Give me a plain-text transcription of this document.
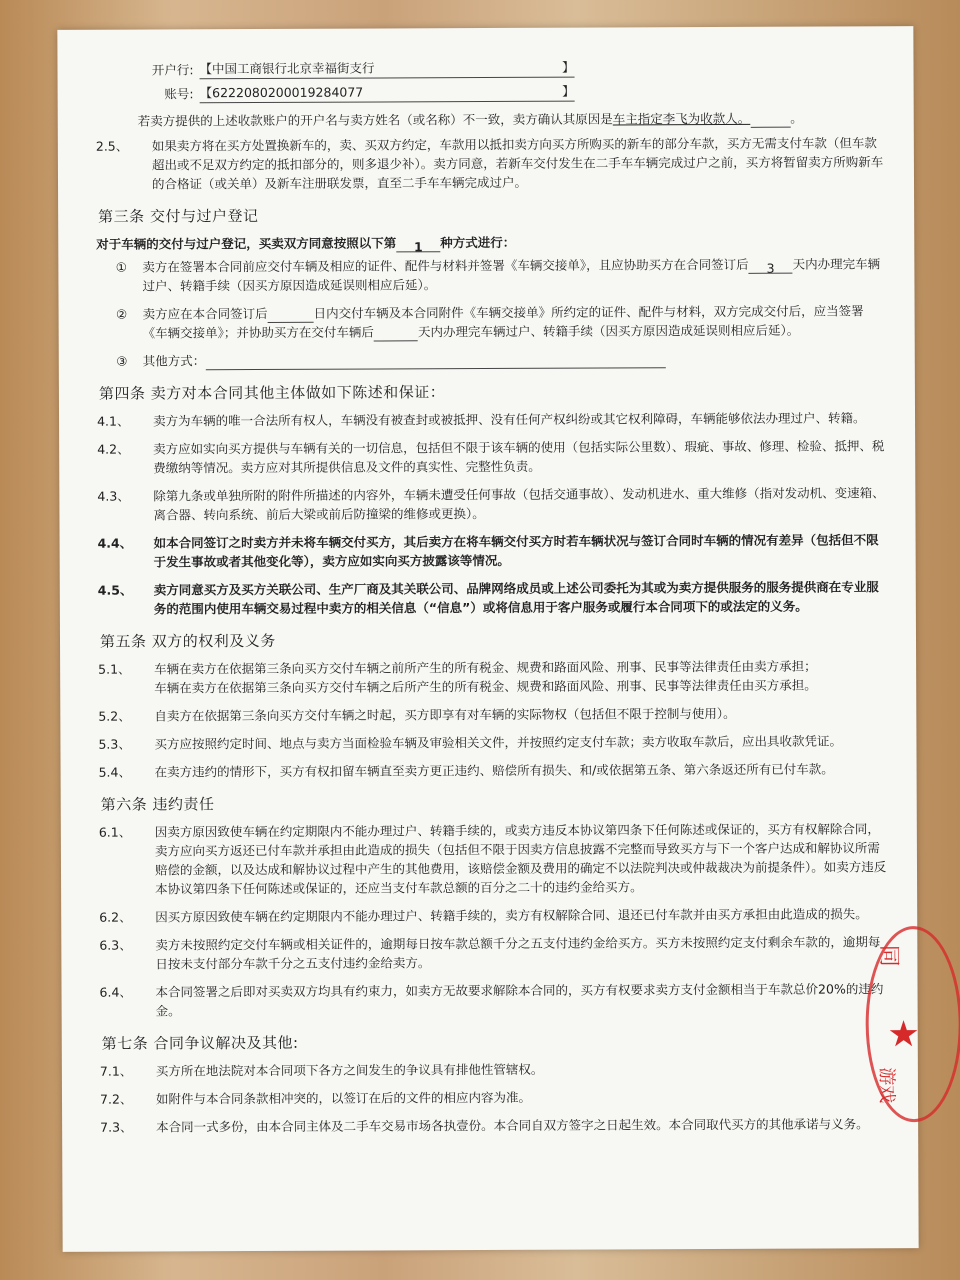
开户行: 【中国工商银行北京幸福街支行	】
账号: 【6222080200019284077	】
若卖方提供的上述收款账户的开户名与卖方姓名（或名称）不一致，卖方确认其原因是车主指定李飞为收款人。	。
2.5、	如果卖方将在买方处置换新车的，卖、买双方约定，车款用以抵扣卖方向买方所购买的新车的部分车款，买方无需支付车款（但车款超出或不足双方约定的抵扣部分的，则多退少补）。卖方同意，若新车交付发生在二手车车辆完成过户之前，买方将暂留卖方所购新车的合格证（或关单）及新车注册联发票，直至二手车车辆完成过户。
第三条 交付与过户登记
对于车辆的交付与过户登记，买卖双方同意按照以下第 1 种方式进行：
①	卖方在签署本合同前应交付车辆及相应的证件、配件与材料并签署《车辆交接单》，且应协助买方在合同签订后 3 天内办理完车辆过户、转籍手续（因买方原因造成延误则相应后延）。
②	卖方应在本合同签订后	日内交付车辆及本合同附件《车辆交接单》所约定的证件、配件与材料，双方完成交付后，应当签署《车辆交接单》；并协助买方在交付车辆后	天内办理完车辆过户、转籍手续（因买方原因造成延误则相应后延）。
③	其他方式：
第四条 卖方对本合同其他主体做如下陈述和保证：
4.1、	卖方为车辆的唯一合法所有权人，车辆没有被查封或被抵押、没有任何产权纠纷或其它权利障碍，车辆能够依法办理过户、转籍。
4.2、	卖方应如实向买方提供与车辆有关的一切信息，包括但不限于该车辆的使用（包括实际公里数）、瑕疵、事故、修理、检验、抵押、税费缴纳等情况。卖方应对其所提供信息及文件的真实性、完整性负责。
4.3、	除第九条或单独所附的附件所描述的内容外，车辆未遭受任何事故（包括交通事故）、发动机进水、重大维修（指对发动机、变速箱、离合器、转向系统、前后大梁或前后防撞梁的维修或更换）。
4.4、	如本合同签订之时卖方并未将车辆交付买方，其后卖方在将车辆交付买方时若车辆状况与签订合同时车辆的情况有差异（包括但不限于发生事故或者其他变化等），卖方应如实向买方披露该等情况。
4.5、	卖方同意买方及买方关联公司、生产厂商及其关联公司、品牌网络成员或上述公司委托为其或为卖方提供服务的服务提供商在专业服务的范围内使用车辆交易过程中卖方的相关信息（“信息”）或将信息用于客户服务或履行本合同项下的或法定的义务。
第五条 双方的权利及义务
5.1、	车辆在卖方在依据第三条向买方交付车辆之前所产生的所有税金、规费和路面风险、刑事、民事等法律责任由卖方承担；
车辆在卖方在依据第三条向买方交付车辆之后所产生的所有税金、规费和路面风险、刑事、民事等法律责任由买方承担。
5.2、	自卖方在依据第三条向买方交付车辆之时起，买方即享有对车辆的实际物权（包括但不限于控制与使用）。
5.3、	买方应按照约定时间、地点与卖方当面检验车辆及审验相关文件，并按照约定支付车款；卖方收取车款后，应出具收款凭证。
5.4、	在卖方违约的情形下，买方有权扣留车辆直至卖方更正违约、赔偿所有损失、和/或依据第五条、第六条返还所有已付车款。
第六条 违约责任
6.1、	因卖方原因致使车辆在约定期限内不能办理过户、转籍手续的，或卖方违反本协议第四条下任何陈述或保证的，买方有权解除合同，卖方应向买方返还已付车款并承担由此造成的损失（包括但不限于因卖方信息披露不完整而导致买方与下一个客户达成和解协议所需赔偿的金额，以及达成和解协议过程中产生的其他费用，该赔偿金额及费用的确定不以法院判决或仲裁裁决为前提条件）。如卖方违反本协议第四条下任何陈述或保证的，还应当支付车款总额的百分之二十的违约金给买方。
6.2、	因买方原因致使车辆在约定期限内不能办理过户、转籍手续的，卖方有权解除合同、退还已付车款并由买方承担由此造成的损失。
6.3、	卖方未按照约定交付车辆或相关证件的，逾期每日按车款总额千分之五支付违约金给买方。买方未按照约定支付剩余车款的，逾期每日按未支付部分车款千分之五支付违约金给卖方。
6.4、	本合同签署之后即对买卖双方均具有约束力，如卖方无故要求解除本合同的，买方有权要求卖方支付金额相当于车款总价20%的违约金。
第七条 合同争议解决及其他:
7.1、	买方所在地法院对本合同项下各方之间发生的争议具有排他性管辖权。
7.2、	如附件与本合同条款相冲突的，以签订在后的文件的相应内容为准。
7.3、	本合同一式多份，由本合同主体及二手车交易市场各执壹份。本合同自双方签字之日起生效。本合同取代买方的其他承诺与义务。
同
★
游戏
